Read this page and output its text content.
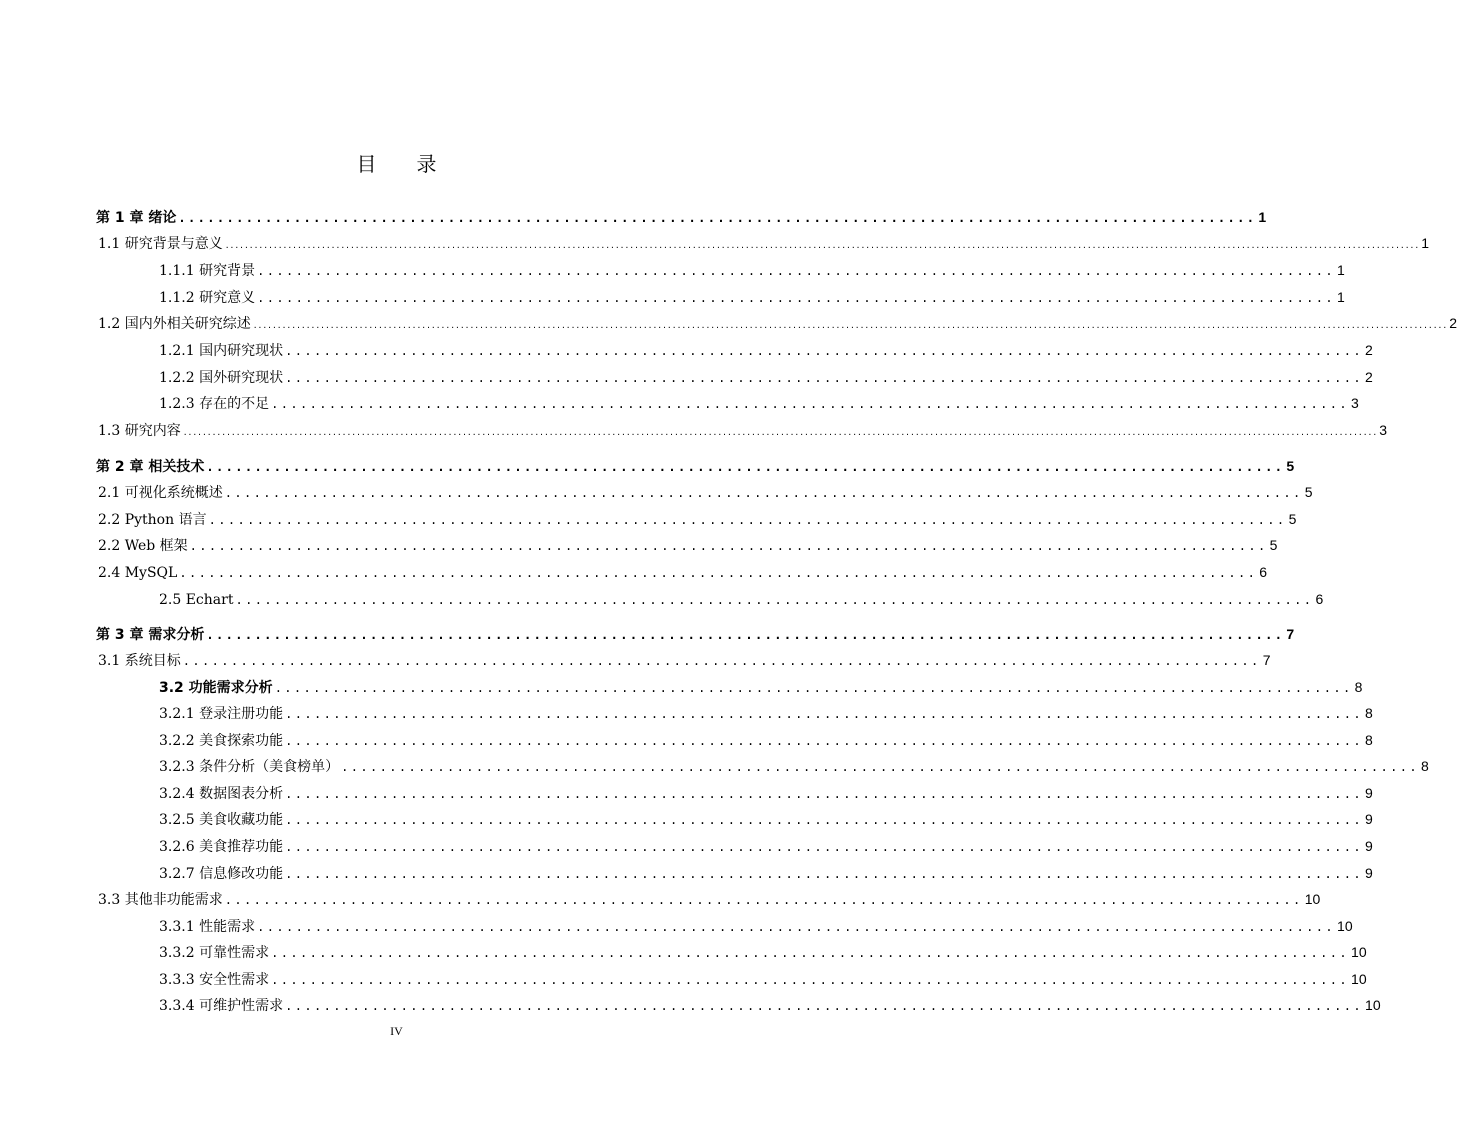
目 录
第 1 章 绪论 ................................................................................................................ 1
1.1 研究背景与意义 ........................................................................................................................................................................................................................................................ 1
1.1.1 研究背景 ................................................................................................................ 1
1.1.2 研究意义 ................................................................................................................ 1
1.2 国内外相关研究综述 ........................................................................................................................................................................................................................................................ 2
1.2.1 国内研究现状 ................................................................................................................ 2
1.2.2 国外研究现状 ................................................................................................................ 2
1.2.3 存在的不足 ................................................................................................................ 3
1.3 研究内容 ........................................................................................................................................................................................................................................................ 3
第 2 章 相关技术 ................................................................................................................ 5
2.1 可视化系统概述 ................................................................................................................ 5
2.2 Python 语言 ................................................................................................................ 5
2.2 Web 框架 ................................................................................................................ 5
2.4 MySQL ................................................................................................................ 6
2.5 Echart ................................................................................................................ 6
第 3 章 需求分析 ................................................................................................................ 7
3.1 系统目标 ................................................................................................................ 7
3.2 功能需求分析 ................................................................................................................ 8
3.2.1 登录注册功能 ................................................................................................................ 8
3.2.2 美食探索功能 ................................................................................................................ 8
3.2.3 条件分析（美食榜单） ................................................................................................................ 8
3.2.4 数据图表分析 ................................................................................................................ 9
3.2.5 美食收藏功能 ................................................................................................................ 9
3.2.6 美食推荐功能 ................................................................................................................ 9
3.2.7 信息修改功能 ................................................................................................................ 9
3.3 其他非功能需求 ................................................................................................................ 10
3.3.1 性能需求 ................................................................................................................ 10
3.3.2 可靠性需求 ................................................................................................................ 10
3.3.3 安全性需求 ................................................................................................................ 10
3.3.4 可维护性需求 ................................................................................................................ 10
IV
